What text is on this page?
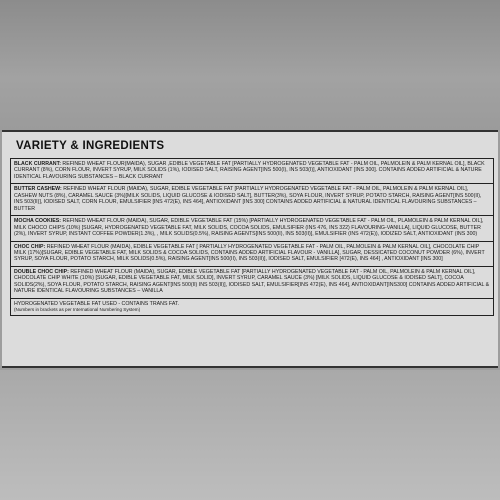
VARIETY & INGREDIENTS
BLACK CURRANT: REFINED WHEAT FLOUR(MAIDA), SUGAR ,EDIBLE VEGETABLE FAT [PARTIALLY HYDROGENATED VEGETABLE FAT - PALM OIL, PALMOLEIN & PALM KERNAL OIL], BLACK CURRANT (8%), CORN FLOUR, INVERT SYRUP, MILK SOLIDS (1%), IODISED SALT, RAISING AGENT[INS 500(I), INS 503(I)], ANTIOXIDANT [INS 300]. CONTAINS ADDED ARTIFICIAL & NATURE IDENTICAL FLAVOURING SUBSTANCES – BLACK CURRANT
BUTTER CASHEW: REFINED WHEAT FLOUR (MAIDA), SUGAR, EDIBLE VEGETABLE FAT [PARTIALLY HYDROGENATED VEGETABLE FAT - PALM OIL, PALMOLEIN & PALM KERNAL OIL], CASHEW NUTS (8%), CARAMEL SAUCE (3%)[MILK SOLIDS, LIQUID GLUCOSE & IODISED SALT], BUTTER(3%), SOYA FLOUR, INVERT SYRUP, POTATO STARCH, RAISING AGENT[INS 500(II), INS 503(II)], IODISED SALT, CORN FLOUR, EMULSIFIER [INS 472(E), INS 464], ANTIOXIDANT [INS 300] CONTAINS ADDED ARTIFICIAL & NATURAL IDENTICAL FLAVOURING SUBSTANCES – BUTTER
MOCHA COOKIES: REFINED WHEAT FLOUR (MAIDA), SUGAR, EDIBLE VEGETABLE FAT (15%) [PARTIALLY HYDROGENATED VEGETABLE FAT - PALM OIL, PLAMOLEIN & PALM KERNAL OIL], MILK CHOCO CHIPS (10%) [SUGAR, HYDROGENATED VEGETABLE FAT, MILK SOLIDS, COCOA SOLIDS, EMULSIFIER (INS 476, INS 322) FLAVOURING-VANILLA], LIQUID GLUCOSE, BUTTER (2%), INVERT SYRUP, INSTANT COFFEE POWDER(1.3%), , MILK SOLIDS(0.5%), RAISING AGENTS[INS 500(II), INS 503(II)], EMULSIFIER (INS 472(E)), IODIZED SALT, ANTIOXIDANT (INS 300)
CHOC CHIP: REFINED WHEAT FLOUR (MAIDA), EDIBLE VEGETABLE FAT [ PARTIALLY HYDROGENATED VEGETABLE FAT - PALM OIL, PALMOLEIN & PALM KERNAL OIL], CHOCOLATE CHIP MILK (17%)[SUGAR, EDIBLE VEGETABLE FAT, MILK SOLIDS & COCOA SOLIDS, CONTAINS ADDED ARTIFICIAL FLAVOUR - VANILLA], SUGAR, DESSICATED COCONUT POWDER (6%), INVERT SYRUP, SOYA FLOUR, POTATO STARCH, MILK SOLIDS(0.5%), RAISING AGENT[INS 500(II), INS 503(II)], IODISED SALT, EMULSIFIER [472(E), INS 464] , ANTIOXIDANT [INS 300]
DOUBLE CHOC CHIP: REFINED WHEAT FLOUR (MAIDA), SUGAR, EDIBLE VEGETABLE FAT [PARTIALLY HYDROGENATED VEGETABLE FAT - PALM OIL, PALMOLEIN & PALM KERNAL OIL], CHOCOLATE CHIP WHITE (10%) [SUGAR, EDIBLE VEGETABLE FAT, MILK SOLID], INVERT SYRUP, CARAMEL SAUCE (3%) [MILK SOLIDS, LIQUID GLUCOSE & IODISED SALT], COCOA SOLIDS(2%), SOYA FLOUR, POTATO STARCH, RAISING AGENT[INS 500(II) INS 503(II)], IODISED SALT, EMULSIFIER[INS 472(E), INS 464], ANTIOXIDANT[INS300] CONTAINS ADDED ARTIFICIAL & NATURE IDENTICAL FLAVOURING SUBSTANCES – VANILLA
HYDROGENATED VEGETABLE FAT USED - CONTAINS TRANS FAT.
(Numbers in brackets as per International Numbering System)
